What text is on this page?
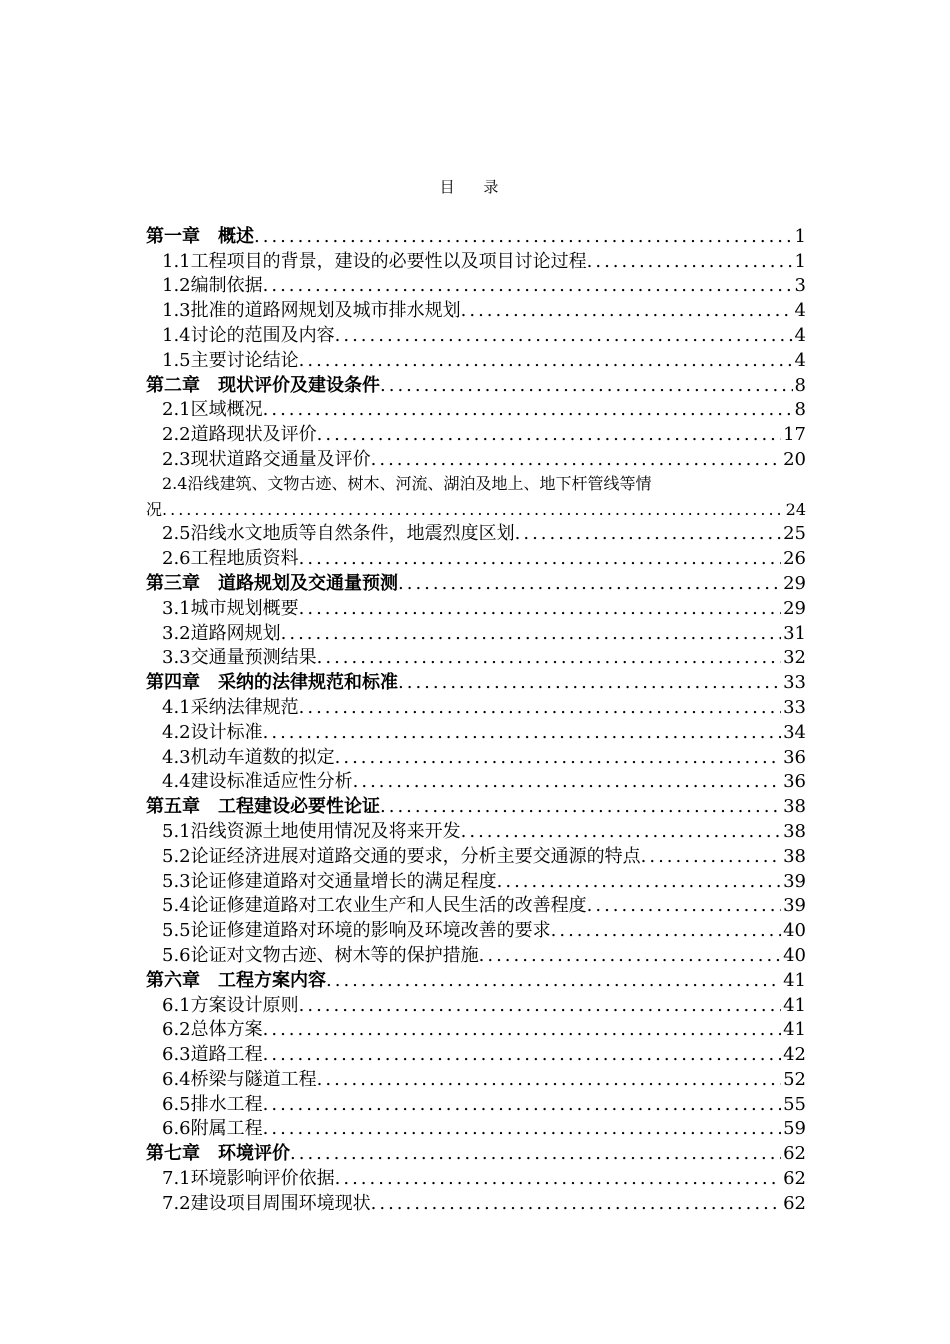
目 录
第一章　概述 .....	1
1.1工程项目的背景，建设的必要性以及项目讨论过程 .....	1
1.2编制依据 .....	3
1.3批准的道路网规划及城市排水规划 .....	4
1.4讨论的范围及内容 .....	4
1.5主要讨论结论 .....	4
第二章　现状评价及建设条件 .....	8
2.1区域概况 .....	8
2.2道路现状及评价 .....	17
2.3现状道路交通量及评价 .....	20
2.4沿线建筑、文物古迹、树木、河流、湖泊及地上、地下杆管线等情
况 .....	24
2.5沿线水文地质等自然条件，地震烈度区划 .....	25
2.6工程地质资料 .....	26
第三章　道路规划及交通量预测 .....	29
3.1城市规划概要 .....	29
3.2道路网规划 .....	31
3.3交通量预测结果 .....	32
第四章　采纳的法律规范和标准 .....	33
4.1采纳法律规范 .....	33
4.2设计标准 .....	34
4.3机动车道数的拟定 .....	36
4.4建设标准适应性分析 .....	36
第五章　工程建设必要性论证 .....	38
5.1沿线资源土地使用情况及将来开发 .....	38
5.2论证经济进展对道路交通的要求，分析主要交通源的特点 .....	38
5.3论证修建道路对交通量增长的满足程度 .....	39
5.4论证修建道路对工农业生产和人民生活的改善程度 .....	39
5.5论证修建道路对环境的影响及环境改善的要求 .....	40
5.6论证对文物古迹、树木等的保护措施 .....	40
第六章　工程方案内容 .....	41
6.1方案设计原则 .....	41
6.2总体方案 .....	41
6.3道路工程 .....	42
6.4桥梁与隧道工程 .....	52
6.5排水工程 .....	55
6.6附属工程 .....	59
第七章　环境评价 .....	62
7.1环境影响评价依据 .....	62
7.2建设项目周围环境现状 .....	62
